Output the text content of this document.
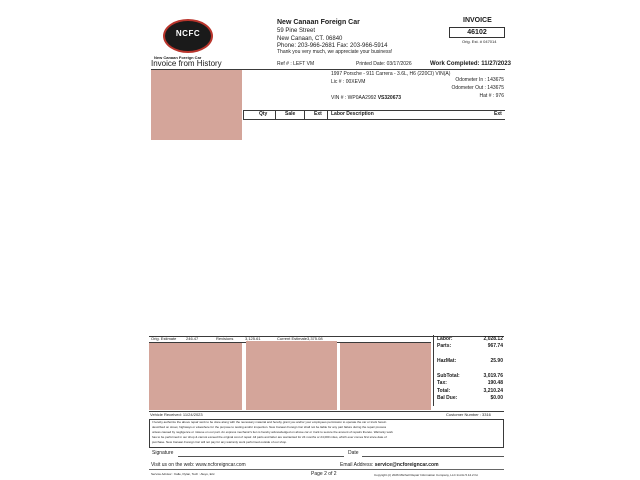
NCFC
New Canaan Foreign Car
New Canaan Foreign Car
59 Pine Street
New Canaan, CT. 06840
Phone: 203-966-2681 Fax: 203-966-5914
Thank you very much, we appreciate your business!
INVOICE
46102
Orig. Est. # 047014
Invoice from History	Ref # : LEFT VM	Printed Date: 03/17/2026	Work Completed: 11/27/2023
1997 Porsche - 911 Carrera - 3.6L, H6 (220CI) VIN(A)
Lic # : 00XEVM
VIN # : WP0AA2992 VS320673
Odometer In : 143675
Odometer Out : 143675
Hat # : 976
Qty	Sale	Ext Labor Description	Ext
Orig. Estimate 246.47	Revisions	3,125.61	Current Estimate 3,375.08	Labor:	2,028.12
Parts:	967.74
HazMat:	25.90
SubTotal:	3,019.76
Tax:	190.48
Total:	3,210.24
Bal Due:	$0.00
Vehicle Received: 11/24/2023	Customer Number : 3316
I hereby authorize the above repair work to be done along with the necessary material and hereby grant you and/or your employees permission to operate the car or truck herein
described on street, highways or elsewhere for the purpose to testing and/or inspection. New Canaan Foreign Car shall not be liable for any part failure during the repair process
unless caused by negligence or misuse on our part. An express mechanic's lien is hereby acknowledged on above car or truck to secure the amount of repairs thereto. Warranty work
has to be performed in our shop & cannot exceed the original cost of repair. All parts and labor are warrantied for 24 months or 24,000 miles, which ever comes first since date of
purchase. New Canaan Foreign Car will not pay for any warranty work performed outside of our shop.
Signature	Date
Visit us on the web: www.ncforeigncar.com	Email Address: service@ncforeigncar.com
Service Advisor : Kalle, Dylan, Tech : Aleyo, Eric	Page 2 of 2	Copyright (c) 2026 Mitchell Repair Information Company, LLC Invnls 5.12.2 fst
